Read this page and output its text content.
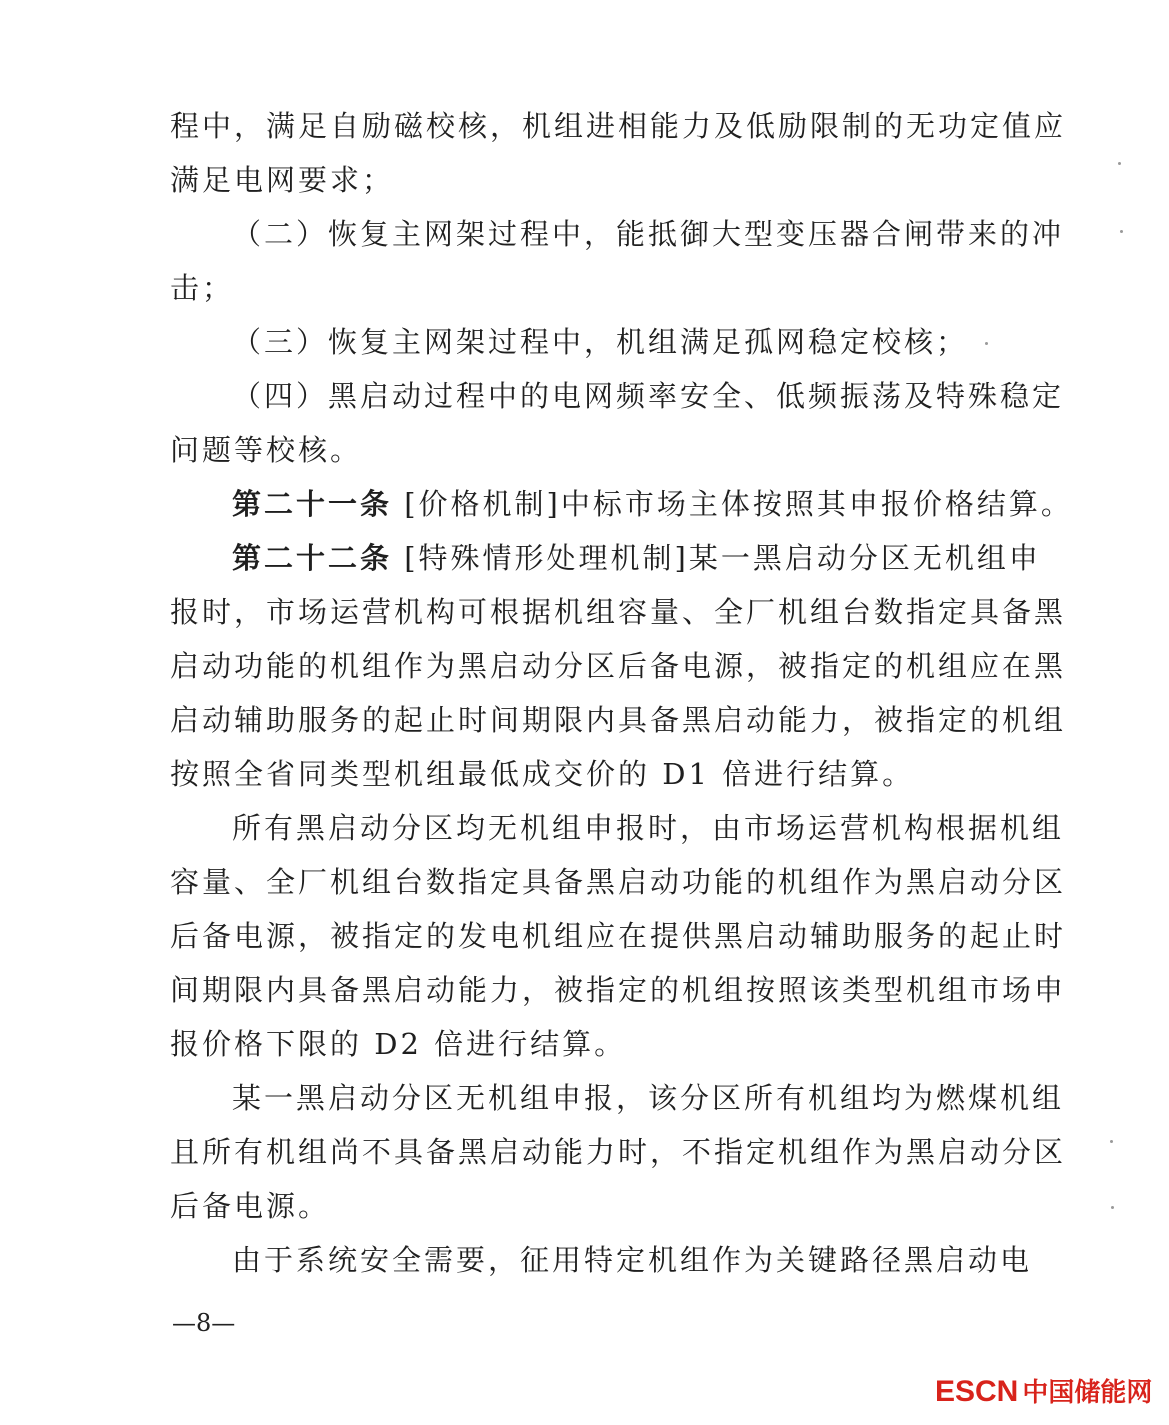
程中，满足自励磁校核，机组进相能力及低励限制的无功定值应
满足电网要求；
（二）恢复主网架过程中，能抵御大型变压器合闸带来的冲
击；
（三）恢复主网架过程中，机组满足孤网稳定校核；
（四）黑启动过程中的电网频率安全、低频振荡及特殊稳定
问题等校核。
第二十一条 [价格机制]中标市场主体按照其申报价格结算。
第二十二条 [特殊情形处理机制]某一黑启动分区无机组申
报时，市场运营机构可根据机组容量、全厂机组台数指定具备黑
启动功能的机组作为黑启动分区后备电源，被指定的机组应在黑
启动辅助服务的起止时间期限内具备黑启动能力，被指定的机组
按照全省同类型机组最低成交价的 D1 倍进行结算。
所有黑启动分区均无机组申报时，由市场运营机构根据机组
容量、全厂机组台数指定具备黑启动功能的机组作为黑启动分区
后备电源，被指定的发电机组应在提供黑启动辅助服务的起止时
间期限内具备黑启动能力，被指定的机组按照该类型机组市场申
报价格下限的 D2 倍进行结算。
某一黑启动分区无机组申报，该分区所有机组均为燃煤机组
且所有机组尚不具备黑启动能力时，不指定机组作为黑启动分区
后备电源。
由于系统安全需要，征用特定机组作为关键路径黑启动电
—8—
ESCN 中国储能网
